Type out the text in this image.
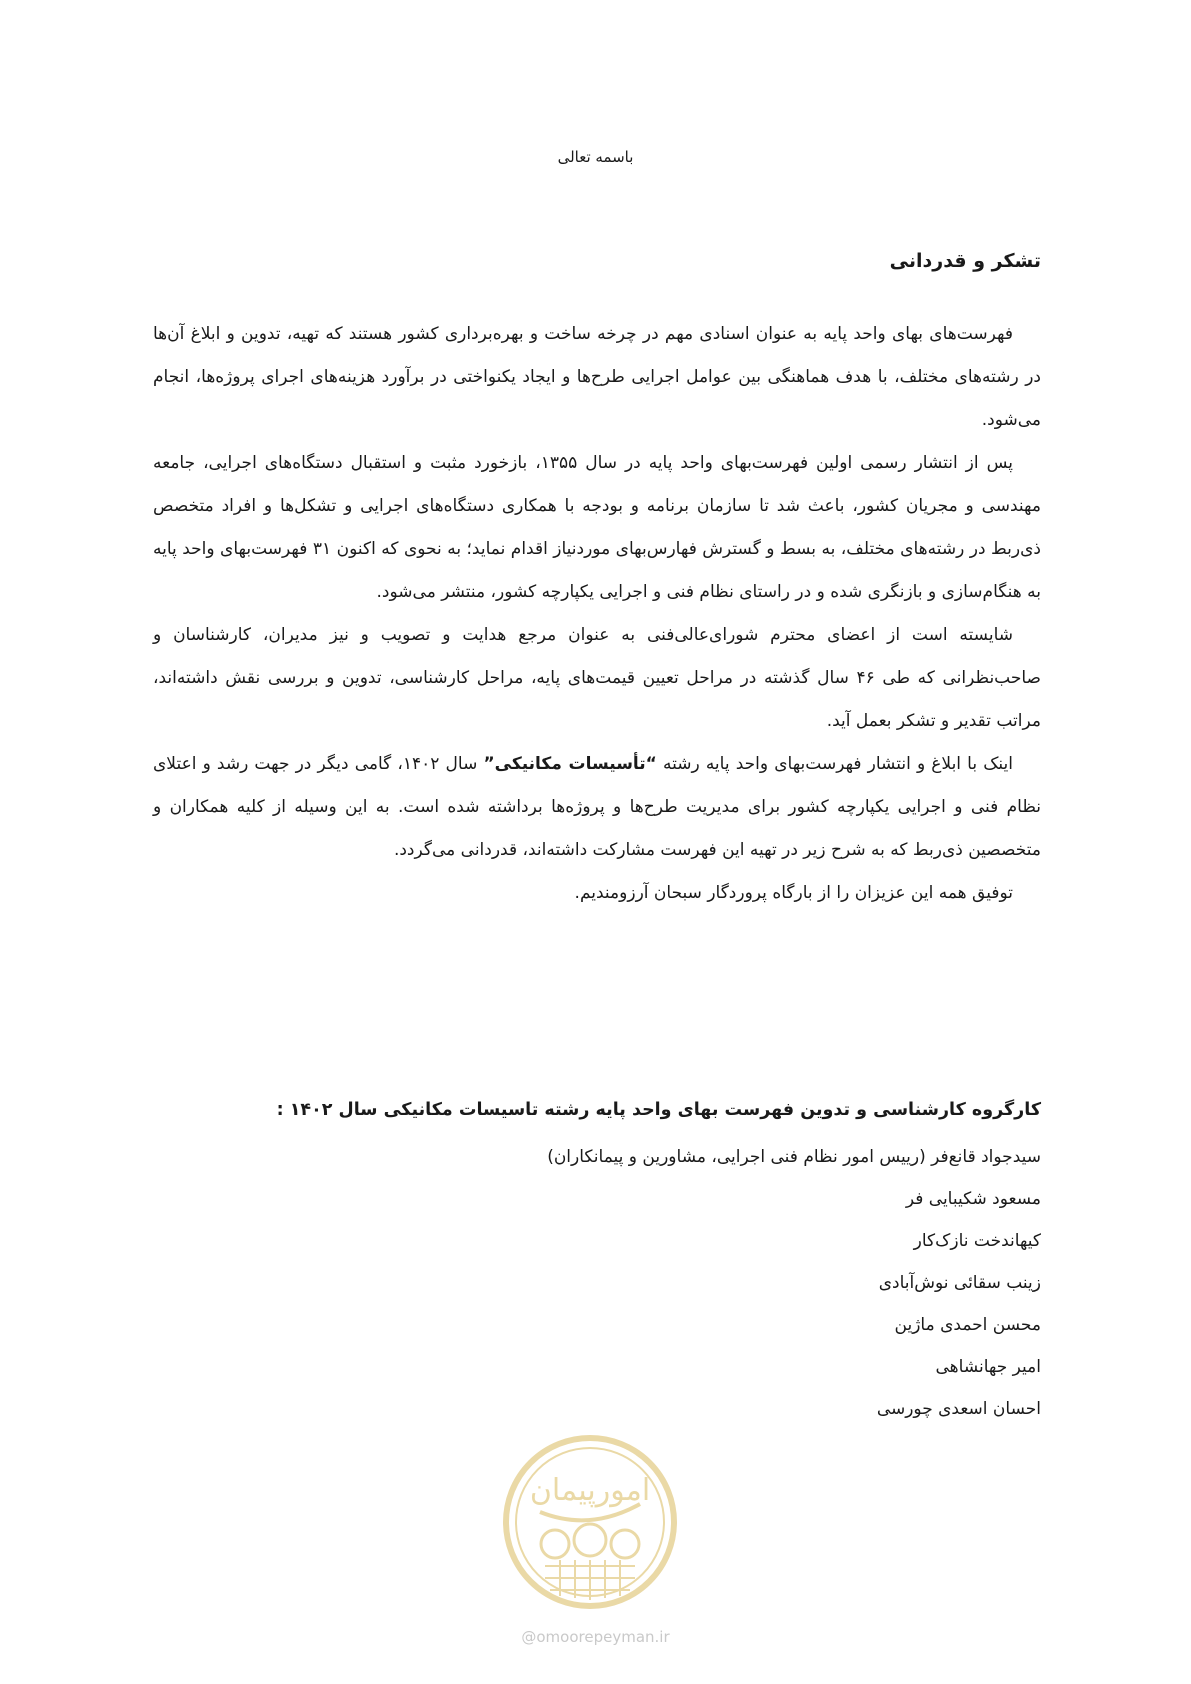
باسمه تعالی
تشکر و قدردانی

فهرست‌های بهای واحد پایه به عنوان اسنادی مهم در چرخه ساخت و بهره‌برداری کشور هستند که تهیه، تدوین و ابلاغ آن‌ها در رشته‌های مختلف، با هدف هماهنگی بین عوامل اجرایی طرح‌ها و ایجاد یکنواختی در برآورد هزینه‌های اجرای پروژه‌ها، انجام می‌شود.

پس از انتشار رسمی اولین فهرست‌بهای واحد پایه در سال ۱۳۵۵، بازخورد مثبت و استقبال دستگاه‌های اجرایی، جامعه مهندسی و مجریان کشور، باعث شد تا سازمان برنامه و بودجه با همکاری دستگاه‌های اجرایی و تشکل‌ها و افراد متخصص ذی‌ربط در رشته‌های مختلف، به بسط و گسترش فهارس‌بهای موردنیاز اقدام نماید؛ به نحوی که اکنون ۳۱ فهرست‌بهای واحد پایه به هنگام‌سازی و بازنگری شده و در راستای نظام فنی و اجرایی یکپارچه کشور، منتشر می‌شود.

شایسته است از اعضای محترم شورای‌عالی‌فنی به عنوان مرجع هدایت و تصویب و نیز مدیران، کارشناسان و صاحب‌نظرانی که طی ۴۶ سال گذشته در مراحل تعیین قیمت‌های پایه، مراحل کارشناسی، تدوین و بررسی نقش داشته‌اند، مراتب تقدیر و تشکر بعمل آید.

اینک با ابلاغ و انتشار فهرست‌بهای واحد پایه رشته “تأسیسات مکانیکی” سال ۱۴۰۲، گامی دیگر در جهت رشد و اعتلای نظام فنی و اجرایی یکپارچه کشور برای مدیریت طرح‌ها و پروژه‌ها برداشته شده است. به این وسیله از کلیه همکاران و متخصصین ذی‌ربط که به شرح زیر در تهیه این فهرست مشارکت داشته‌اند، قدردانی می‌گردد.

توفیق همه این عزیزان را از بارگاه پروردگار سبحان آرزومندیم.

کارگروه کارشناسی و تدوین فهرست بهای واحد پایه رشته تاسیسات مکانیکی سال ۱۴۰۲ :
سیدجواد قانع‌فر (رییس امور نظام فنی اجرایی، مشاورین و پیمانکاران)
مسعود شکیبایی فر
کیهاندخت نازک‌کار
زینب سقائی نوش‌آبادی
محسن احمدی ماژین
امیر جهانشاهی
احسان اسعدی چورسی
امورپیمان
@omoorepeyman.ir
